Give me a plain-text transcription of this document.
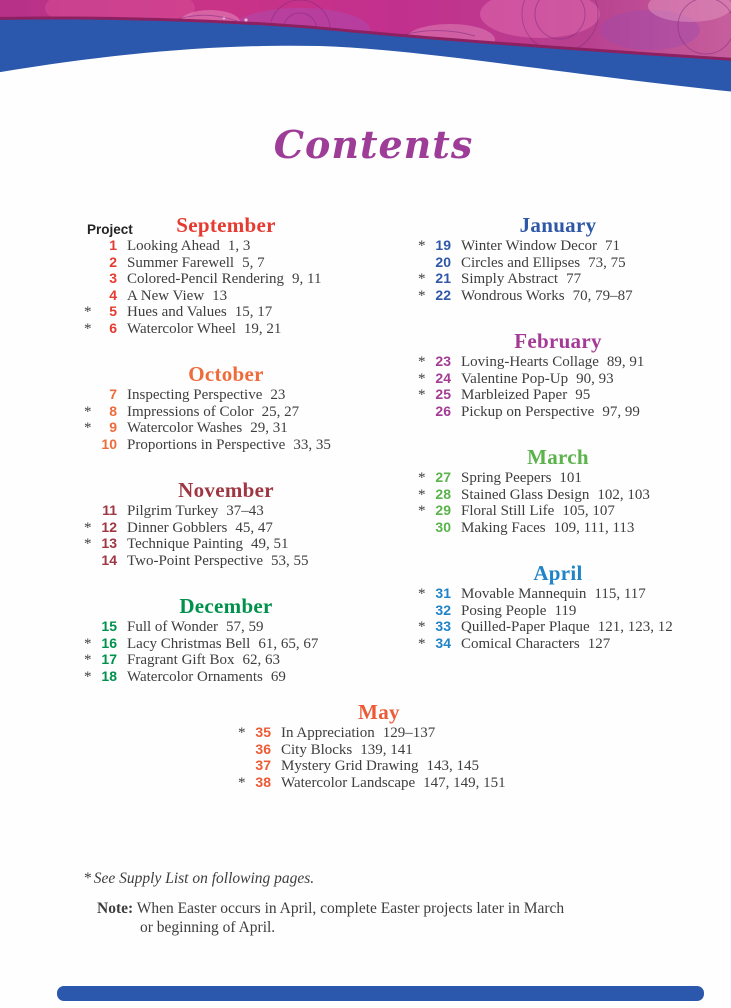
Contents
Project	September
1 Looking Ahead 1, 3
2 Summer Farewell 5, 7
3 Colored-Pencil Rendering 9, 11
4 A New View 13
*	5 Hues and Values 15, 17
*	6 Watercolor Wheel 19, 21
October
7 Inspecting Perspective 23
*	8 Impressions of Color 25, 27
*	9 Watercolor Washes 29, 31
10 Proportions in Perspective 33, 35
November
11 Pilgrim Turkey 37–43
* 12 Dinner Gobblers 45, 47
* 13 Technique Painting 49, 51
14 Two-Point Perspective 53, 55
December
15 Full of Wonder 57, 59
* 16 Lacy Christmas Bell 61, 65, 67
* 17 Fragrant Gift Box 62, 63
* 18 Watercolor Ornaments 69
January
* 19 Winter Window Decor 71
20 Circles and Ellipses 73, 75
* 21 Simply Abstract 77
* 22 Wondrous Works 70, 79–87
February
* 23 Loving-Hearts Collage 89, 91
* 24 Valentine Pop-Up 90, 93
* 25 Marbleized Paper 95
26 Pickup on Perspective 97, 99
March
* 27 Spring Peepers 101
* 28 Stained Glass Design 102, 103
* 29 Floral Still Life 105, 107
30 Making Faces 109, 111, 113
April
* 31 Movable Mannequin 115, 117
32 Posing People 119
* 33 Quilled-Paper Plaque 121, 123, 12
* 34 Comical Characters 127
May
* 35 In Appreciation 129–137
36 City Blocks 139, 141
37 Mystery Grid Drawing 143, 145
* 38 Watercolor Landscape 147, 149, 151
* See Supply List on following pages.
Note: When Easter occurs in April, complete Easter projects later in March
or beginning of April.
